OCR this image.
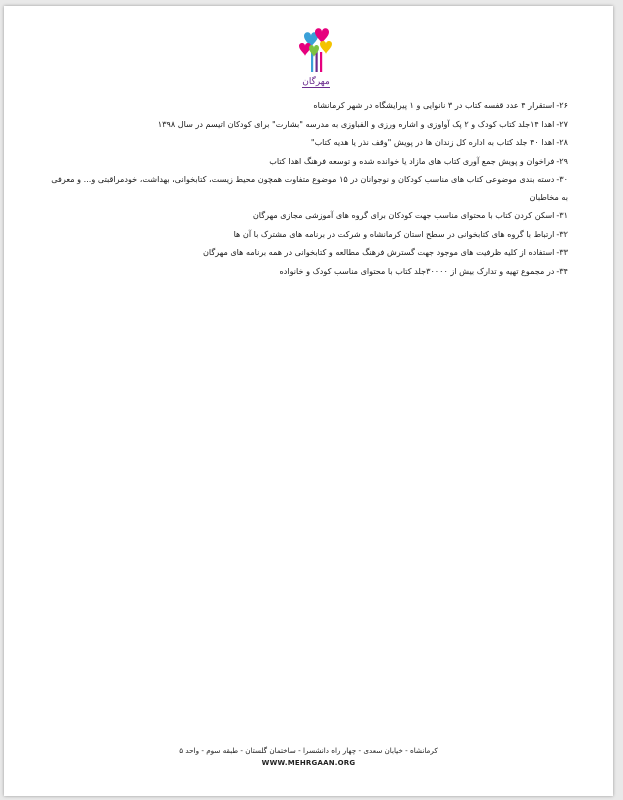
مهرگان
۲۶-استقرار ۴ عدد قفسه کتاب در ۳ نانوایی و ۱ پیرایشگاه در شهر کرمانشاه
۲۷-اهدا ۱۴جلد کتاب کودک و ۲ پک آواوزی و اشاره ورزی و الفباوزی به مدرسه "بشارت" برای کودکان اتیسم در سال ۱۳۹۸
۲۸-اهدا ۴۰ جلد کتاب به اداره کل زندان ها در پویش "وقف نذر یا هدیه کتاب"
۲۹-فراخوان و پویش جمع آوری کتاب های مازاد یا خوانده شده و توسعه فرهنگ اهدا کتاب
۳۰-دسته بندی موضوعی کتاب های مناسب کودکان و نوجوانان در ۱۵ موضوع متفاوت همچون محیط زیست، کتابخوانی، بهداشت، خودمراقبتی و... و معرفی به مخاطبان
۳۱-اسکن کردن کتاب با محتوای مناسب جهت کودکان برای گروه های آموزشی مجازی مهرگان
۳۲-ارتباط با گروه های کتابخوانی در سطح استان کرمانشاه و شرکت در برنامه های مشترک با آن ها
۳۳-استفاده از کلیه ظرفیت های موجود جهت گسترش فرهنگ مطالعه و کتابخوانی در همه برنامه های مهرگان
۳۴-در مجموع تهیه و تدارک بیش از ۳۰۰۰۰جلد کتاب با محتوای مناسب کودک و خانواده
کرمانشاه - خیابان سعدی - چهار راه دانشسرا - ساختمان گلستان - طبقه سوم - واحد ۵
WWW.MEHRGAAN.ORG
